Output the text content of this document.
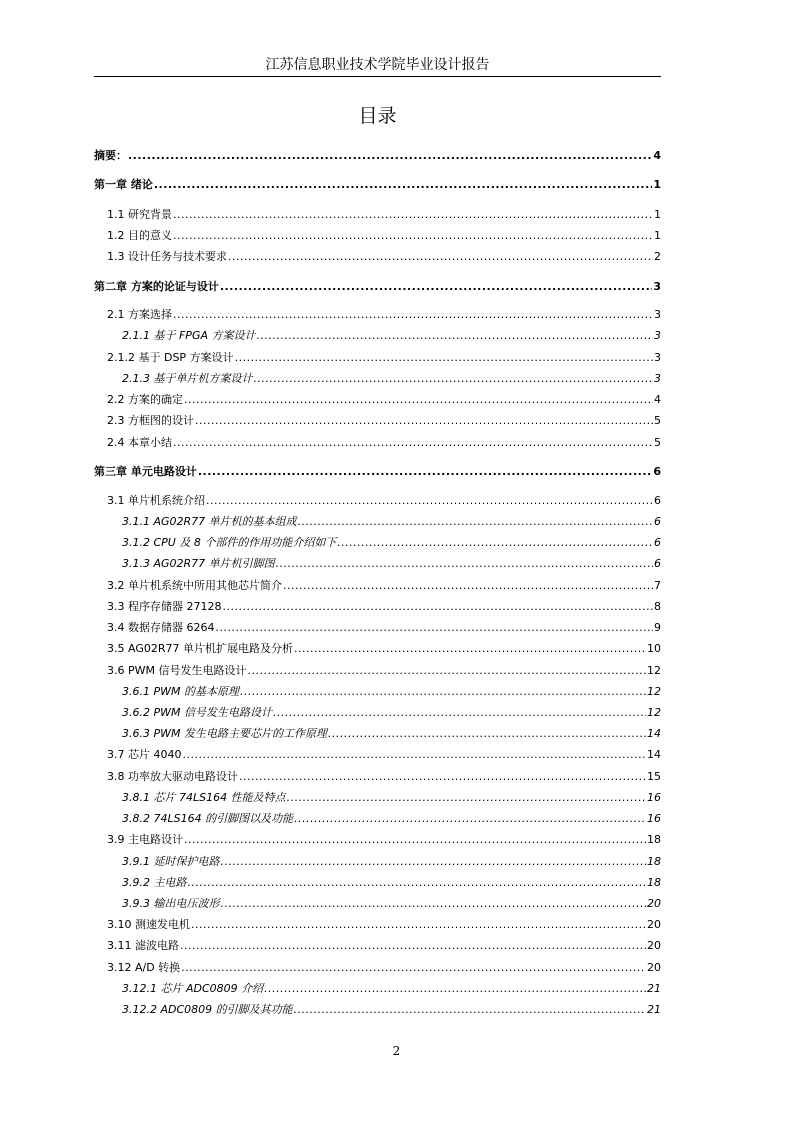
江苏信息职业技术学院毕业设计报告
目录
摘要： .....	4
第一章 绪论 .....	1
1.1 研究背景 .....	1
1.2 目的意义 .....	1
1.3 设计任务与技术要求 .....	2
第二章 方案的论证与设计 .....	3
2.1 方案选择 .....	3
2.1.1 基于 FPGA 方案设计 .....	3
2.1.2 基于 DSP 方案设计 .....	3
2.1.3 基于单片机方案设计 .....	3
2.2 方案的确定 .....	4
2.3 方框图的设计 .....	5
2.4 本章小结 .....	5
第三章 单元电路设计 .....	6
3.1 单片机系统介绍 .....	6
3.1.1 AG02R77 单片机的基本组成 .....	6
3.1.2 CPU 及 8 个部件的作用功能介绍如下 .....	6
3.1.3 AG02R77 单片机引脚图 .....	6
3.2 单片机系统中所用其他芯片简介 .....	7
3.3 程序存储器 27128 .....	8
3.4 数据存储器 6264 .....	9
3.5 AG02R77 单片机扩展电路及分析 .....	10
3.6 PWM 信号发生电路设计 .....	12
3.6.1 PWM 的基本原理 .....	12
3.6.2 PWM 信号发生电路设计 .....	12
3.6.3 PWM 发生电路主要芯片的工作原理 .....	14
3.7 芯片 4040 .....	14
3.8 功率放大驱动电路设计 .....	15
3.8.1 芯片 74LS164 性能及特点 .....	16
3.8.2 74LS164 的引脚图以及功能 .....	16
3.9 主电路设计 .....	18
3.9.1 延时保护电路 .....	18
3.9.2 主电路 .....	18
3.9.3 输出电压波形 .....	20
3.10 测速发电机 .....	20
3.11 滤波电路 .....	20
3.12 A/D 转换 .....	20
3.12.1 芯片 ADC0809 介绍 .....	21
3.12.2 ADC0809 的引脚及其功能 .....	21
2
